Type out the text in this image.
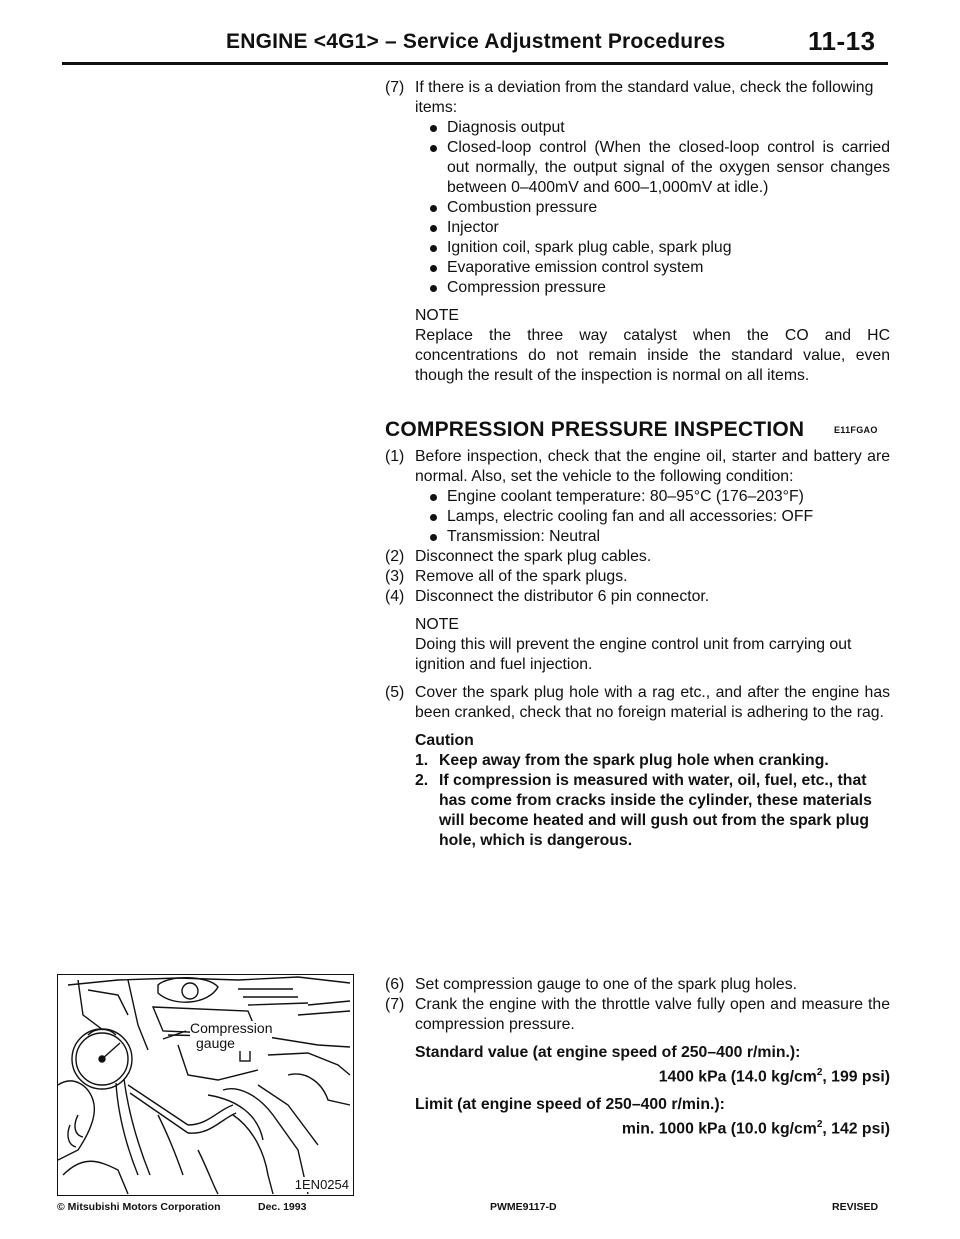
ENGINE <4G1> – Service Adjustment Procedures	11-13
(7) If there is a deviation from the standard value, check the following items:
Diagnosis output
Closed-loop control (When the closed-loop control is carried out normally, the output signal of the oxygen sensor changes between 0–400mV and 600–1,000mV at idle.)
Combustion pressure
Injector
Ignition coil, spark plug cable, spark plug
Evaporative emission control system
Compression pressure
NOTE
Replace the three way catalyst when the CO and HC concentrations do not remain inside the standard value, even though the result of the inspection is normal on all items.
COMPRESSION PRESSURE INSPECTION	E11FGAO
(1) Before inspection, check that the engine oil, starter and battery are normal. Also, set the vehicle to the following condition:
Engine coolant temperature: 80–95°C (176–203°F)
Lamps, electric cooling fan and all accessories: OFF
Transmission: Neutral
(2) Disconnect the spark plug cables.
(3) Remove all of the spark plugs.
(4) Disconnect the distributor 6 pin connector.
NOTE
Doing this will prevent the engine control unit from carrying out ignition and fuel injection.
(5) Cover the spark plug hole with a rag etc., and after the engine has been cranked, check that no foreign material is adhering to the rag.
Caution
1. Keep away from the spark plug hole when cranking.
2. If compression is measured with water, oil, fuel, etc., that has come from cracks inside the cylinder, these materials will become heated and will gush out from the spark plug hole, which is dangerous.
(6) Set compression gauge to one of the spark plug holes.
(7) Crank the engine with the throttle valve fully open and measure the compression pressure.
Standard value (at engine speed of 250–400 r/min.):
1400 kPa (14.0 $kg/cm^2$, 199 psi)
Limit (at engine speed of 250–400 r/min.):
min. 1000 kPa (10.0 $kg/cm^2$, 142 psi)
Compression
gauge
1EN0254
© Mitsubishi Motors Corporation	Dec. 1993	PWME9117-D	REVISED
